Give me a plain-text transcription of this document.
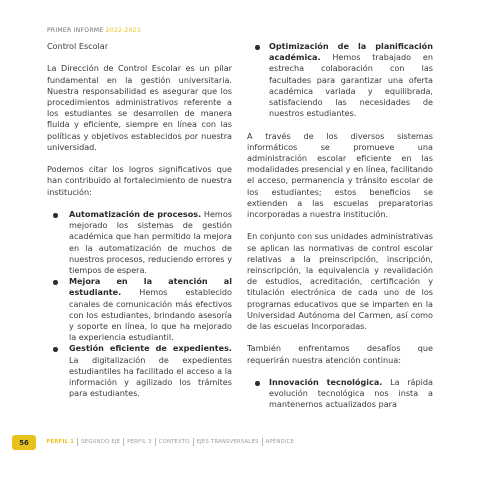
PRIMER INFORME 2022-2023
Control Escolar

La Dirección de Control Escolar es un pilar fundamental en la gestión universitaria. Nuestra responsabilidad es asegurar que los procedimientos administrativos referente a los estudiantes se desarrollen de manera fluida y eficiente, siempre en línea con las políticas y objetivos establecidos por nuestra universidad.

Podemos citar los logros significativos que han contribuido al fortalecimiento de nuestra institución:

Automatización de procesos. Hemos mejorado los sistemas de gestión académica que han permitido la mejora en la automatización de muchos de nuestros procesos, reduciendo errores y tiempos de espera.
Mejora en la atención al estudiante. Hemos establecido canales de comunicación más efectivos con los estudiantes, brindando asesoría y soporte en línea, lo que ha mejorado la experiencia estudiantil.
Gestión eficiente de expedientes. La digitalización de expedientes estudiantiles ha facilitado el acceso a la información y agilizado los trámites para estudiantes.
Optimización de la planificación académica. Hemos trabajado en estrecha colaboración con las facultades para garantizar una oferta académica variada y equilibrada, satisfaciendo las necesidades de nuestros estudiantes.

A través de los diversos sistemas informáticos se promueve una administración escolar eficiente en las modalidades presencial y en línea, facilitando el acceso, permanencia y tránsito escolar de los estudiantes; estos beneficios se extienden a las escuelas preparatorias incorporadas a nuestra institución.

En conjunto con sus unidades administrativas se aplican las normativas de control escolar relativas a la preinscripción, inscripción, reinscripción, la equivalencia y revalidación de estudios, acreditación, certificación y titulación electrónica de cada uno de los programas educativos que se imparten en la Universidad Autónoma del Carmen, así como de las escuelas Incorporadas.

También enfrentamos desafíos que requerirán nuestra atención continua:

Innovación tecnológica. La rápida evolución tecnológica nos insta a mantenernos actualizados para
56	PERFIL 1 SEGUNDO EJE PERFIL 3 CONTEXTO EJES TRANSVERSALES APÉNDICE
